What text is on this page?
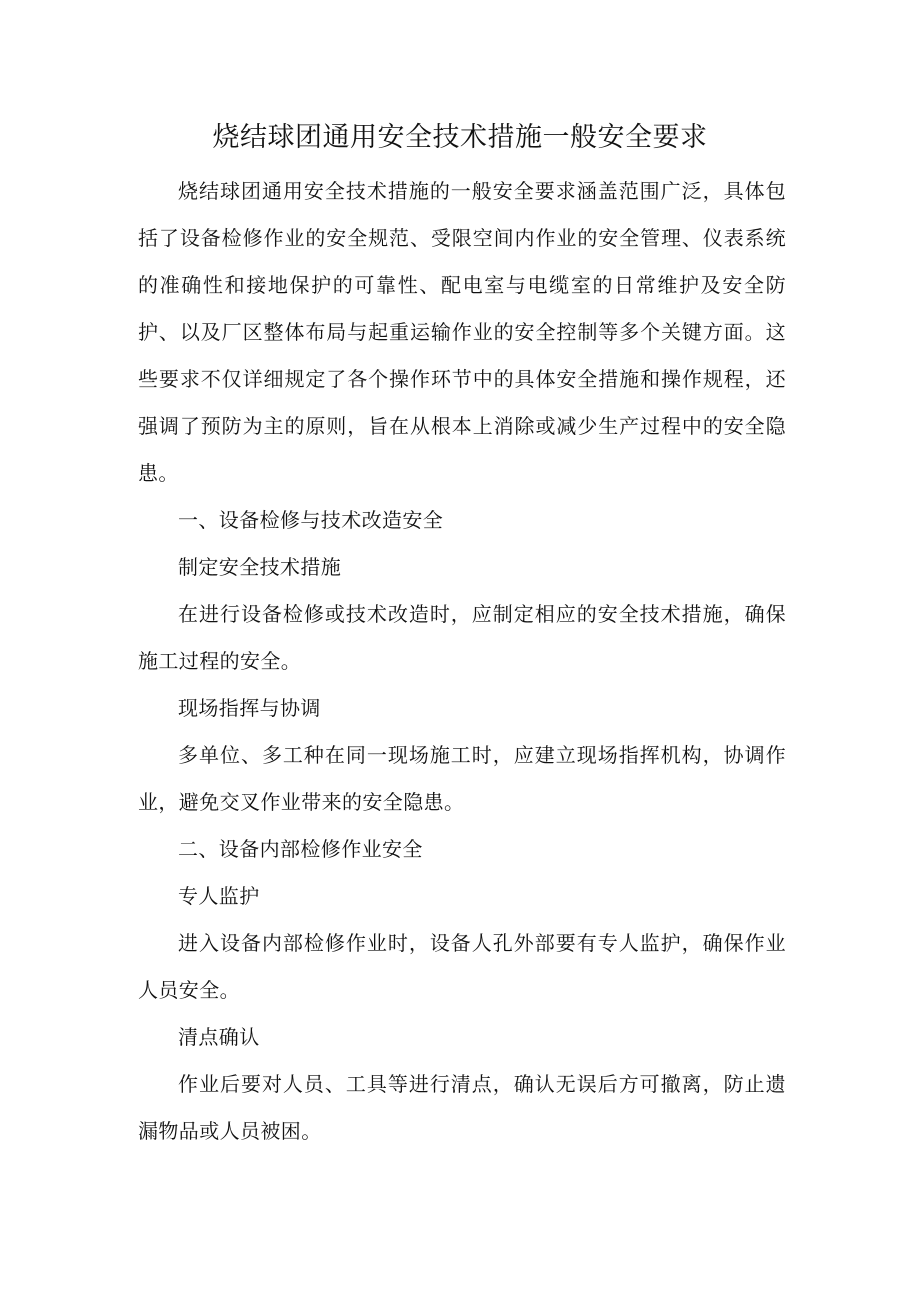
烧结球团通用安全技术措施一般安全要求

烧结球团通用安全技术措施的一般安全要求涵盖范围广泛，具体包括了设备检修作业的安全规范、受限空间内作业的安全管理、仪表系统的准确性和接地保护的可靠性、配电室与电缆室的日常维护及安全防护、以及厂区整体布局与起重运输作业的安全控制等多个关键方面。这些要求不仅详细规定了各个操作环节中的具体安全措施和操作规程，还强调了预防为主的原则，旨在从根本上消除或减少生产过程中的安全隐患。

一、设备检修与技术改造安全

制定安全技术措施

在进行设备检修或技术改造时，应制定相应的安全技术措施，确保施工过程的安全。

现场指挥与协调

多单位、多工种在同一现场施工时，应建立现场指挥机构，协调作业，避免交叉作业带来的安全隐患。

二、设备内部检修作业安全

专人监护

进入设备内部检修作业时，设备人孔外部要有专人监护，确保作业人员安全。

清点确认

作业后要对人员、工具等进行清点，确认无误后方可撤离，防止遗漏物品或人员被困。
